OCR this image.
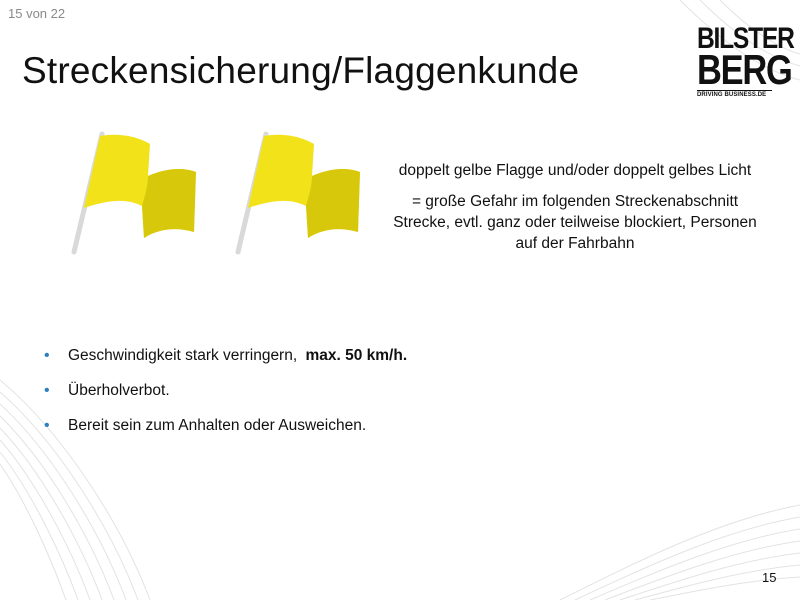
15 von 22
Streckensicherung/Flaggenkunde
BILSTER
BERG
DRIVING BUSINESS.DE

doppelt gelbe Flagge und/oder doppelt gelbes Licht

= große Gefahr im folgenden Streckenabschnitt Strecke, evtl. ganz oder teilweise blockiert, Personen auf der Fahrbahn

• Geschwindigkeit stark verringern, max. 50 km/h.
• Überholverbot.
• Bereit sein zum Anhalten oder Ausweichen.
15
